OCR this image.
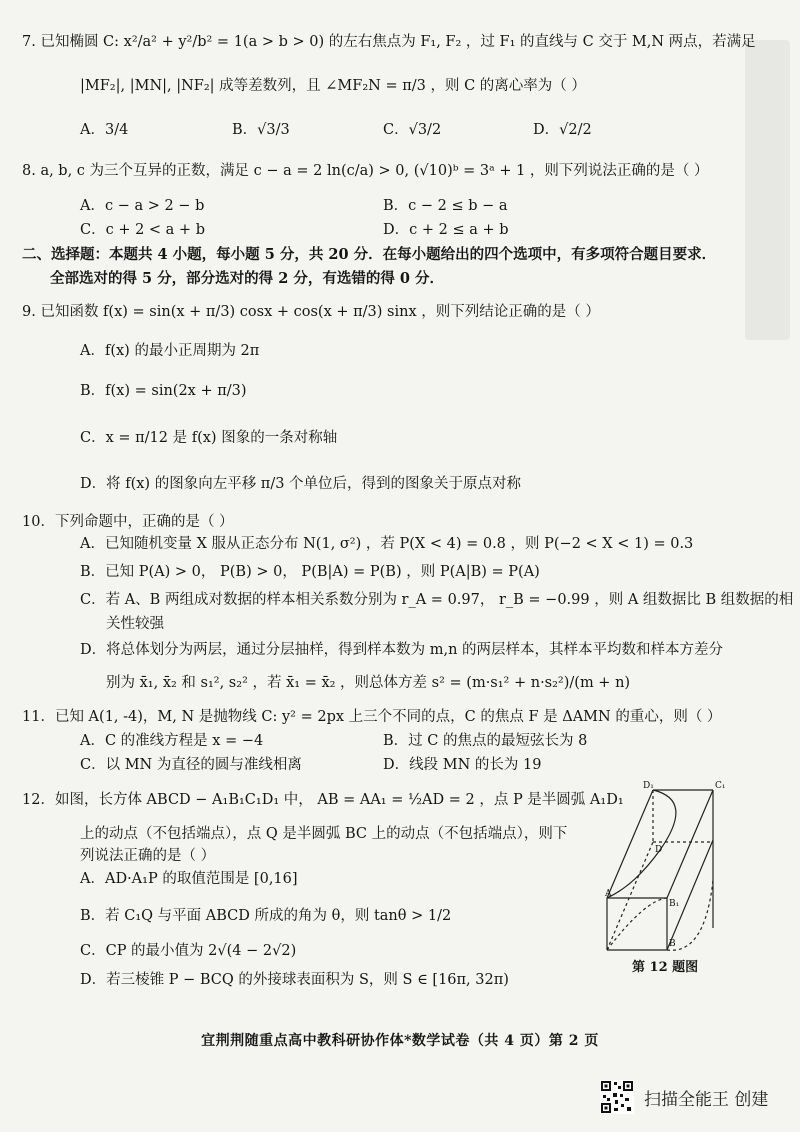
7. 已知椭圆 C: x²/a² + y²/b² = 1(a > b > 0) 的左右焦点为 F₁, F₂ ，过 F₁ 的直线与 C 交于 M,N 两点，若满足
|MF₂|, |MN|, |NF₂| 成等差数列，且 ∠MF₂N = π/3 ，则 C 的离心率为（ ）
A．3/4	B．√3/3	C．√3/2	D．√2/2
8. a, b, c 为三个互异的正数，满足 c − a = 2 ln(c/a) > 0, (√10)ᵇ = 3ᵃ + 1 ，则下列说法正确的是（ ）
A．c − a > 2 − b	B．c − 2 ≤ b − a
C．c + 2 < a + b	D．c + 2 ≤ a + b
二、选择题：本题共 4 小题，每小题 5 分，共 20 分．在每小题给出的四个选项中，有多项符合题目要求．
全部选对的得 5 分，部分选对的得 2 分，有选错的得 0 分．
9. 已知函数 f(x) = sin(x + π/3) cosx + cos(x + π/3) sinx ，则下列结论正确的是（ ）
A．f(x) 的最小正周期为 2π
B．f(x) = sin(2x + π/3)
C．x = π/12 是 f(x) 图象的一条对称轴
D．将 f(x) 的图象向左平移 π/3 个单位后，得到的图象关于原点对称
10．下列命题中，正确的是（ ）
A．已知随机变量 X 服从正态分布 N(1, σ²) ，若 P(X < 4) = 0.8 ，则 P(−2 < X < 1) = 0.3
B．已知 P(A) > 0， P(B) > 0， P(B|A) = P(B) ，则 P(A|B) = P(A)
C．若 A、B 两组成对数据的样本相关系数分别为 r_A = 0.97， r_B = −0.99 ，则 A 组数据比 B 组数据的相
关性较强
D．将总体划分为两层，通过分层抽样，得到样本数为 m,n 的两层样本，其样本平均数和样本方差分
别为 x̄₁, x̄₂ 和 s₁², s₂² ，若 x̄₁ = x̄₂ ，则总体方差 s² = (m·s₁² + n·s₂²)/(m + n)
11．已知 A(1, -4)，M, N 是抛物线 C: y² = 2px 上三个不同的点，C 的焦点 F 是 ΔAMN 的重心，则（ ）
A．C 的准线方程是 x = −4	B．过 C 的焦点的最短弦长为 8
C．以 MN 为直径的圆与准线相离	D．线段 MN 的长为 19
12．如图，长方体 ABCD − A₁B₁C₁D₁ 中， AB = AA₁ = ½AD = 2 ，点 P 是半圆弧 A₁D₁
上的动点（不包括端点），点 Q 是半圆弧 BC 上的动点（不包括端点），则下
列说法正确的是（ ）
A．AD·A₁P 的取值范围是 [0,16]
B．若 C₁Q 与平面 ABCD 所成的角为 θ，则 tanθ > 1/2
C．CP 的最小值为 2√(4 − 2√2)
D．若三棱锥 P − BCQ 的外接球表面积为 S，则 S ∈ [16π, 32π)
D₁	C₁
A
B₁
B
D
第 12 题图
宜荆荆随重点高中教科研协作体*数学试卷（共 4 页）第 2 页
扫描全能王 创建
